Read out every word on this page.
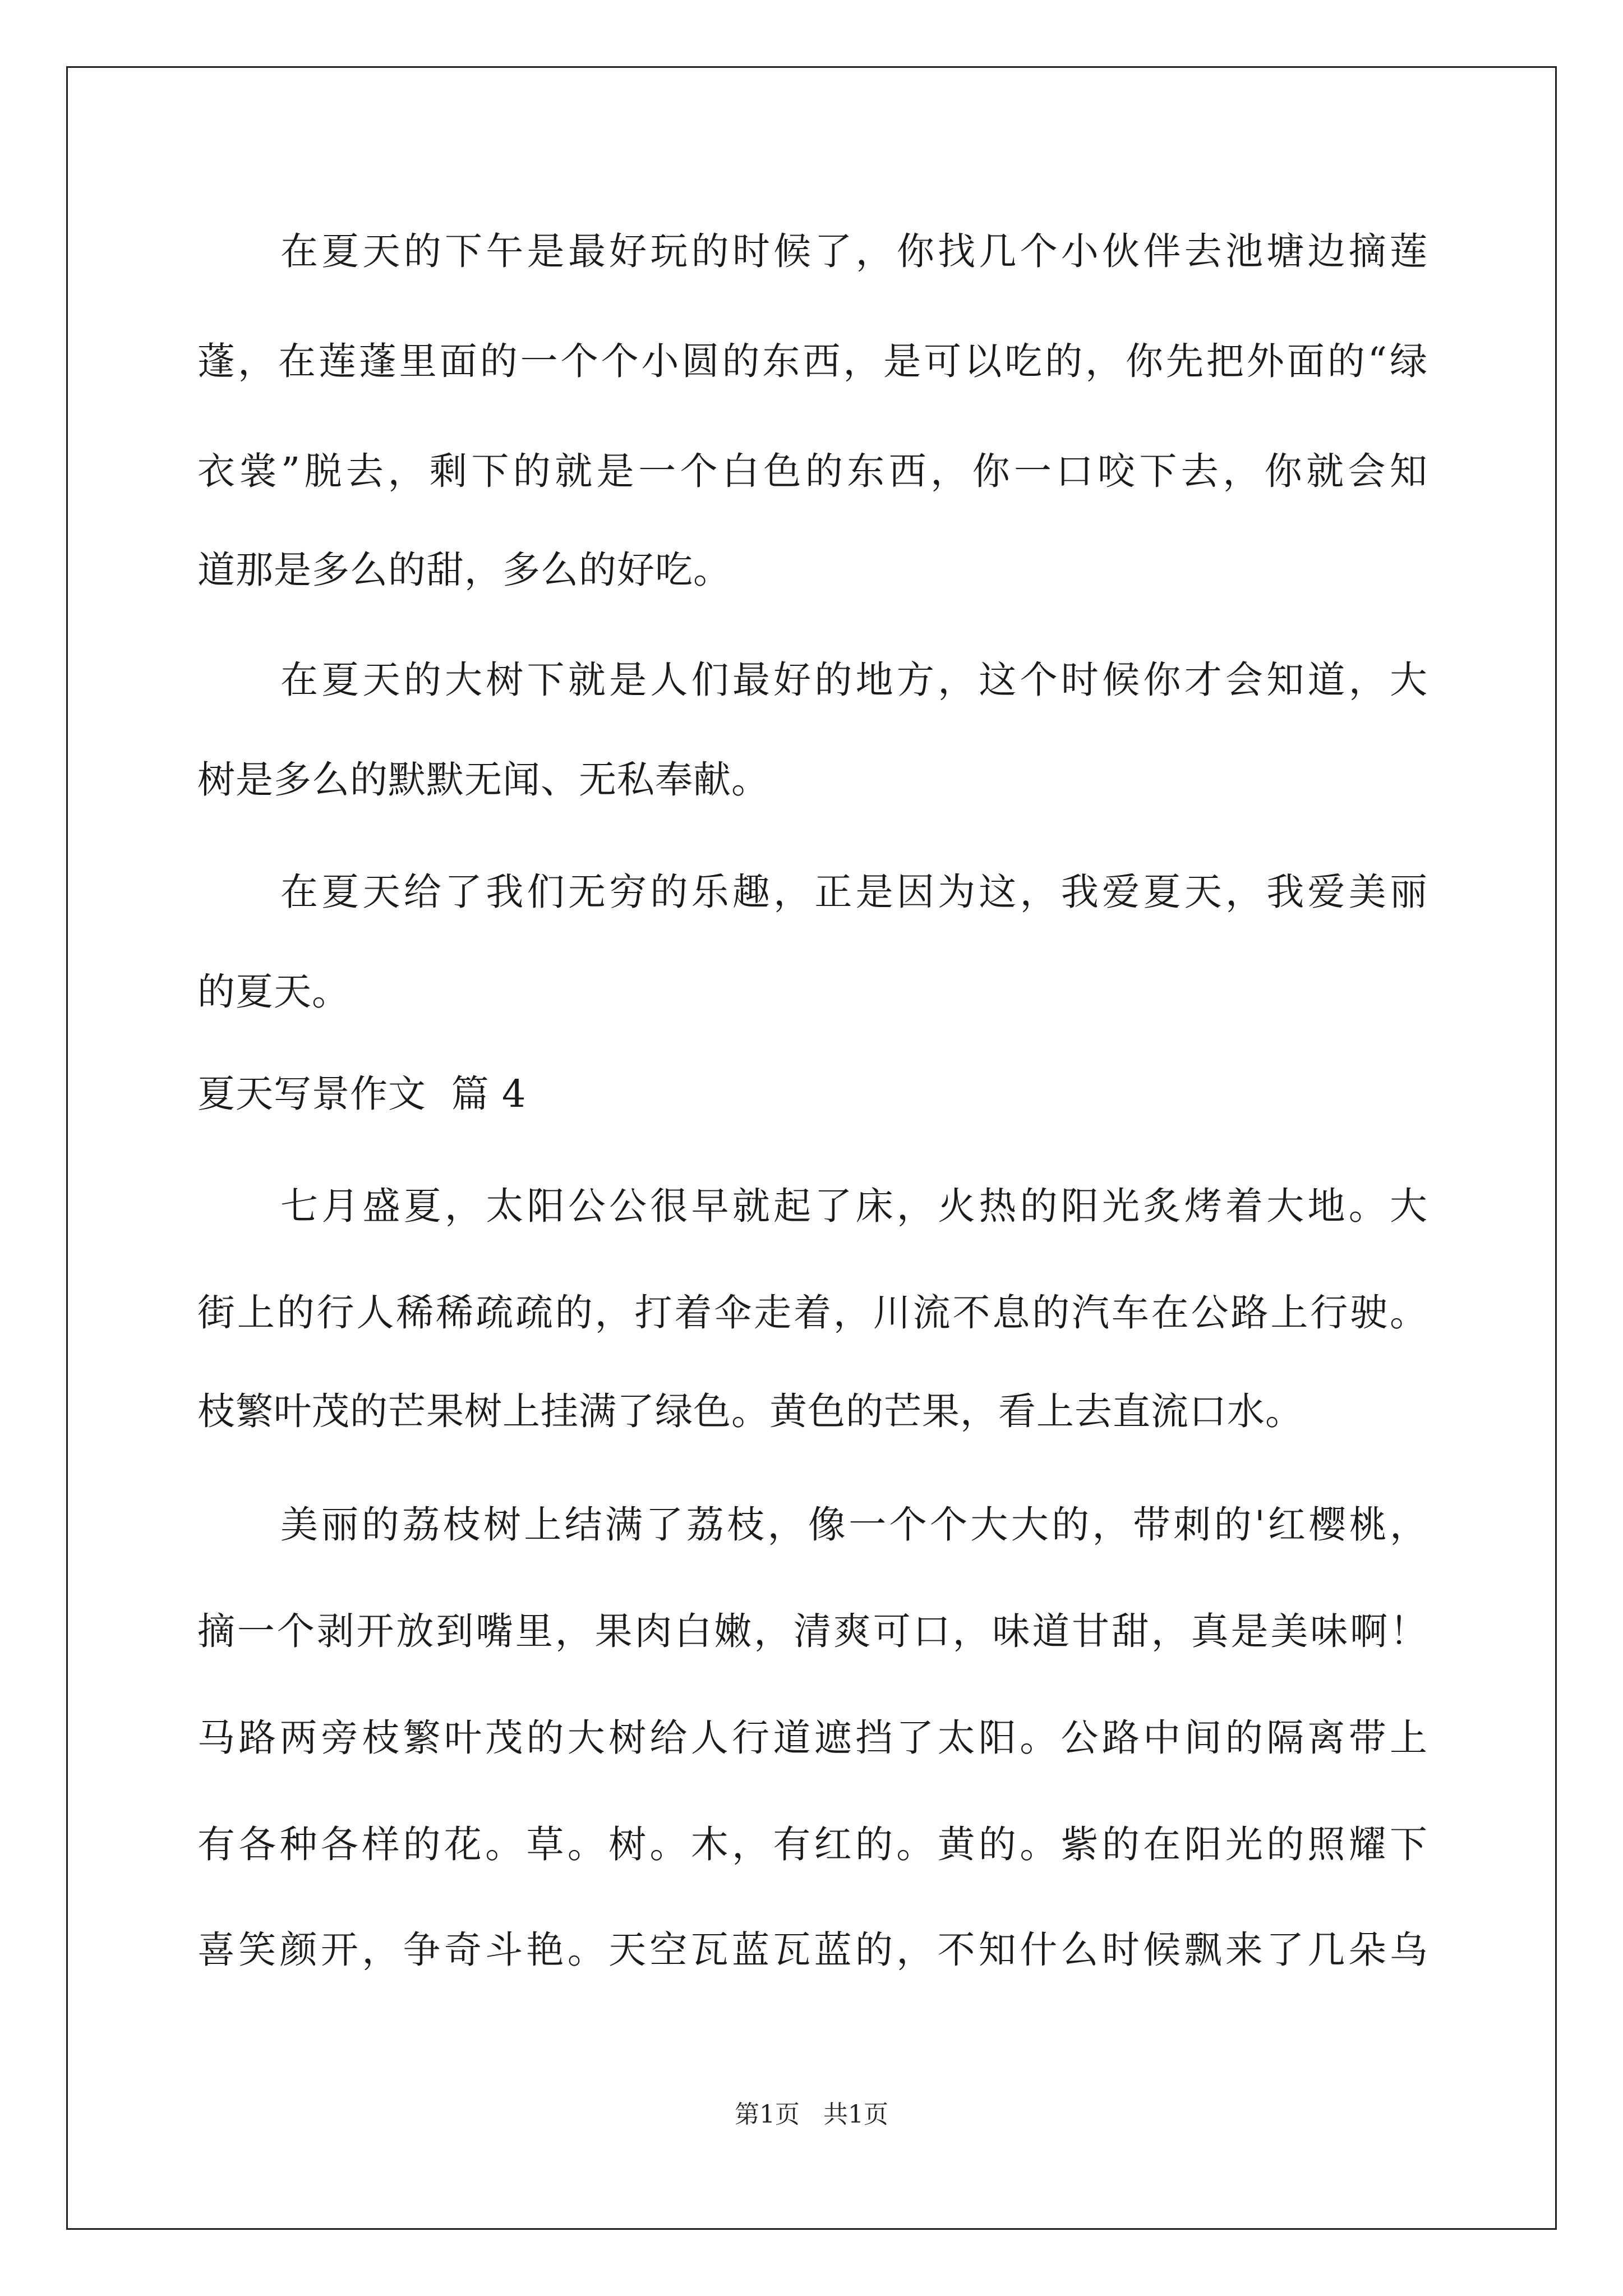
在夏天的下午是最好玩的时候了，你找几个小伙伴去池塘边摘莲
蓬，在莲蓬里面的一个个小圆的东西，是可以吃的，你先把外面的“绿
衣裳”脱去，剩下的就是一个白色的东西，你一口咬下去，你就会知
道那是多么的甜，多么的好吃。
在夏天的大树下就是人们最好的地方，这个时候你才会知道，大
树是多么的默默无闻、无私奉献。
在夏天给了我们无穷的乐趣，正是因为这，我爱夏天，我爱美丽
的夏天。
夏天写景作文  篇 4
七月盛夏，太阳公公很早就起了床，火热的阳光炙烤着大地。大
街上的行人稀稀疏疏的，打着伞走着，川流不息的汽车在公路上行驶。
枝繁叶茂的芒果树上挂满了绿色。黄色的芒果，看上去直流口水。
美丽的荔枝树上结满了荔枝，像一个个大大的，带刺的'红樱桃，
摘一个剥开放到嘴里，果肉白嫩，清爽可口，味道甘甜，真是美味啊！
马路两旁枝繁叶茂的大树给人行道遮挡了太阳。公路中间的隔离带上
有各种各样的花。草。树。木，有红的。黄的。紫的在阳光的照耀下
喜笑颜开，争奇斗艳。天空瓦蓝瓦蓝的，不知什么时候飘来了几朵乌
第1页   共1页
